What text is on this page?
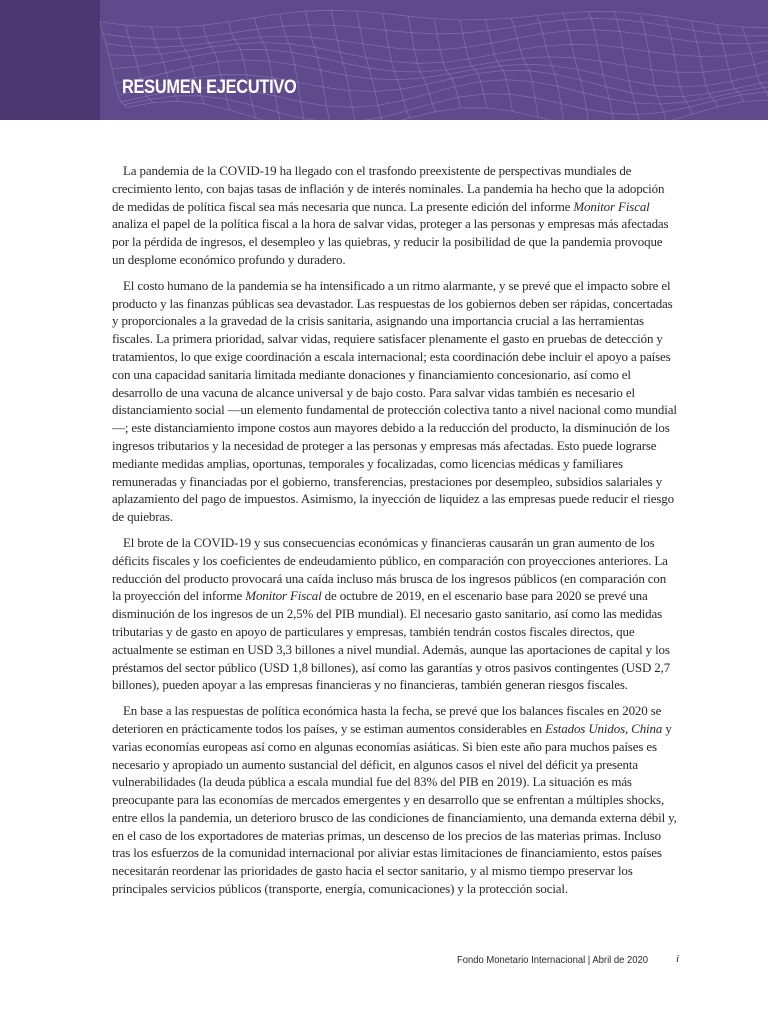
RESUMEN EJECUTIVO

La pandemia de la COVID-19 ha llegado con el trasfondo preexistente de perspectivas mundiales de crecimiento lento, con bajas tasas de inflación y de interés nominales. La pandemia ha hecho que la adopción de medidas de política fiscal sea más necesaria que nunca. La presente edición del informe Monitor Fiscal analiza el papel de la política fiscal a la hora de salvar vidas, proteger a las personas y empresas más afectadas por la pérdida de ingresos, el desempleo y las quiebras, y reducir la posibilidad de que la pandemia provoque un desplome económico profundo y duradero.

El costo humano de la pandemia se ha intensificado a un ritmo alarmante, y se prevé que el impacto sobre el producto y las finanzas públicas sea devastador. Las respuestas de los gobiernos deben ser rápidas, concertadas y proporcionales a la gravedad de la crisis sanitaria, asignando una importancia crucial a las herramientas fiscales. La primera prioridad, salvar vidas, requiere satisfacer plenamente el gasto en pruebas de detección y tratamientos, lo que exige coordinación a escala internacional; esta coordinación debe incluir el apoyo a países con una capacidad sanitaria limitada mediante donaciones y financiamiento concesionario, así como el desarrollo de una vacuna de alcance universal y de bajo costo. Para salvar vidas también es necesario el distanciamiento social —un elemento fundamental de protección colectiva tanto a nivel nacional como mundial—; este distanciamiento impone costos aun mayores debido a la reducción del producto, la disminución de los ingresos tributarios y la necesidad de proteger a las personas y empresas más afectadas. Esto puede lograrse mediante medidas amplias, oportunas, temporales y focalizadas, como licencias médicas y familiares remuneradas y financiadas por el gobierno, transferencias, prestaciones por desempleo, subsidios salariales y aplazamiento del pago de impuestos. Asimismo, la inyección de liquidez a las empresas puede reducir el riesgo de quiebras.

El brote de la COVID-19 y sus consecuencias económicas y financieras causarán un gran aumento de los déficits fiscales y los coeficientes de endeudamiento público, en comparación con proyecciones anteriores. La reducción del producto provocará una caída incluso más brusca de los ingresos públicos (en comparación con la proyección del informe Monitor Fiscal de octubre de 2019, en el escenario base para 2020 se prevé una disminución de los ingresos de un 2,5% del PIB mundial). El necesario gasto sanitario, así como las medidas tributarias y de gasto en apoyo de particulares y empresas, también tendrán costos fiscales directos, que actualmente se estiman en USD 3,3 billones a nivel mundial. Además, aunque las aportaciones de capital y los préstamos del sector público (USD 1,8 billones), así como las garantías y otros pasivos contingentes (USD 2,7 billones), pueden apoyar a las empresas financieras y no financieras, también generan riesgos fiscales.

En base a las respuestas de política económica hasta la fecha, se prevé que los balances fiscales en 2020 se deterioren en prácticamente todos los países, y se estiman aumentos considerables en Estados Unidos, China y varias economías europeas así como en algunas economías asiáticas. Si bien este año para muchos países es necesario y apropiado un aumento sustancial del déficit, en algunos casos el nivel del déficit ya presenta vulnerabilidades (la deuda pública a escala mundial fue del 83% del PIB en 2019). La situación es más preocupante para las economías de mercados emergentes y en desarrollo que se enfrentan a múltiples shocks, entre ellos la pandemia, un deterioro brusco de las condiciones de financiamiento, una demanda externa débil y, en el caso de los exportadores de materias primas, un descenso de los precios de las materias primas. Incluso tras los esfuerzos de la comunidad internacional por aliviar estas limitaciones de financiamiento, estos países necesitarán reordenar las prioridades de gasto hacia el sector sanitario, y al mismo tiempo preservar los principales servicios públicos (transporte, energía, comunicaciones) y la protección social.

Fondo Monetario Internacional | Abril de 2020	i
